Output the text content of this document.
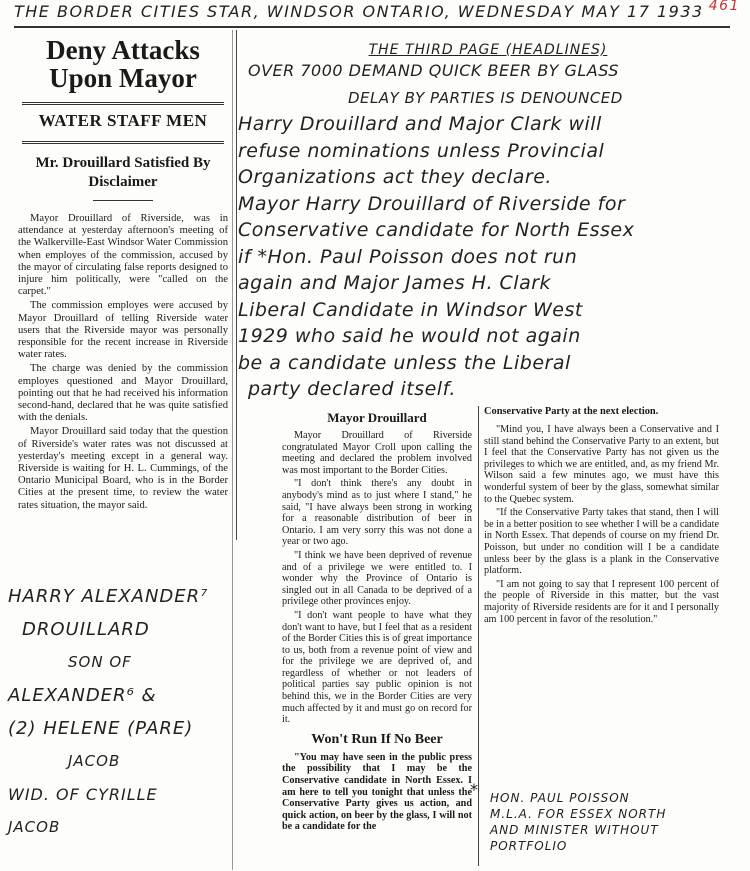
THE BORDER CITIES STAR, WINDSOR ONTARIO, WEDNESDAY MAY 17 1933 461
Deny Attacks Upon Mayor
WATER STAFF MEN
Mr. Drouillard Satisfied By Disclaimer

Mayor Drouillard of Riverside, was in attendance at yesterday afternoon's meeting of the Walkerville-East Windsor Water Commission when employes of the commission, accused by the mayor of circulating false reports designed to injure him politically, were "called on the carpet."

The commission employes were accused by Mayor Drouillard of telling Riverside water users that the Riverside mayor was personally responsible for the recent increase in Riverside water rates.

The charge was denied by the commission employes questioned and Mayor Drouillard, pointing out that he had received his information second-hand, declared that he was quite satisfied with the denials.

Mayor Drouillard said today that the question of Riverside's water rates was not discussed at yesterday's meeting except in a general way. Riverside is waiting for H. L. Cummings, of the Ontario Municipal Board, who is in the Border Cities at the present time, to review the water rates situation, the mayor said.

HARRY ALEXANDER⁷
DROUILLARD
SON OF
ALEXANDER⁶ &
(2) HELENE (PARE)
JACOB
WID. OF CYRILLE
JACOB
THE THIRD PAGE (HEADLINES)
OVER 7000 DEMAND QUICK BEER BY GLASS
DELAY BY PARTIES IS DENOUNCED
Harry Drouillard and Major Clark will
refuse nominations unless Provincial
Organizations act they declare.
Mayor Harry Drouillard of Riverside for
Conservative candidate for North Essex
if *Hon. Paul Poisson does not run
again and Major James H. Clark
Liberal Candidate in Windsor West
1929 who said he would not again
be a candidate unless the Liberal
party declared itself.
Mayor Drouillard

Mayor Drouillard of Riverside congratulated Mayor Croll upon calling the meeting and declared the problem involved was most important to the Border Cities.

"I don't think there's any doubt in anybody's mind as to just where I stand," he said, "I have always been strong in working for a reasonable distribution of beer in Ontario. I am very sorry this was not done a year or two ago.

"I think we have been deprived of revenue and of a privilege we were entitled to. I wonder why the Province of Ontario is singled out in all Canada to be deprived of a privilege other provinces enjoy.

"I don't want people to have what they don't want to have, but I feel that as a resident of the Border Cities this is of great importance to us, both from a revenue point of view and for the privilege we are deprived of, and regardless of whether or not leaders of political parties say public opinion is not behind this, we in the Border Cities are very much affected by it and must go on record for it.

Won't Run If No Beer

"You may have seen in the public press the possibility that I may be the Conservative candidate in North Essex. I am here to tell you tonight that unless the Conservative Party gives us action, and quick action, on beer by the glass, I will not be a candidate for the

Conservative Party at the next election.

"Mind you, I have always been a Conservative and I still stand behind the Conservative Party to an extent, but I feel that the Conservative Party has not given us the privileges to which we are entitled, and, as my friend Mr. Wilson said a few minutes ago, we must have this wonderful system of beer by the glass, somewhat similar to the Quebec system.

"If the Conservative Party takes that stand, then I will be in a better position to see whether I will be a candidate in North Essex. That depends of course on my friend Dr. Poisson, but under no condition will I be a candidate unless beer by the glass is a plank in the Conservative platform.

"I am not going to say that I represent 100 percent of the people of Riverside in this matter, but the vast majority of Riverside residents are for it and I personally am 100 percent in favor of the resolution."

* HON. PAUL POISSON
M.L.A. FOR ESSEX NORTH
AND MINISTER WITHOUT
PORTFOLIO
